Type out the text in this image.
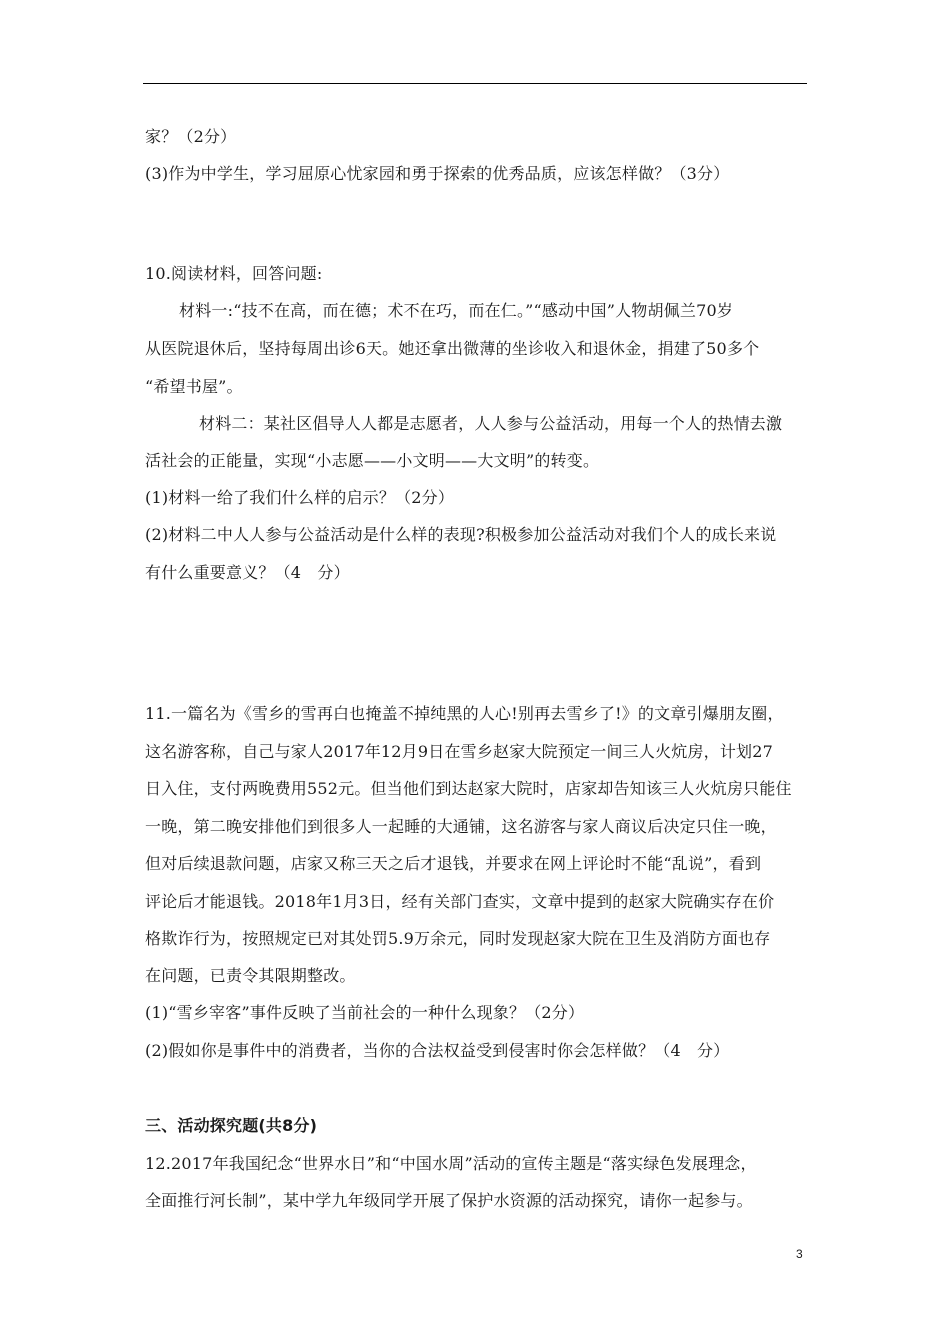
家？（2分）
(3)作为中学生，学习屈原心忧家园和勇于探索的优秀品质，应该怎样做？（3分）
10.阅读材料，回答问题:
材料一:“技不在高，而在德；术不在巧，而在仁。”“感动中国”人物胡佩兰70岁
从医院退休后，坚持每周出诊6天。她还拿出微薄的坐诊收入和退休金，捐建了50多个
“希望书屋”。
材料二：某社区倡导人人都是志愿者，人人参与公益活动，用每一个人的热情去激
活社会的正能量，实现“小志愿——小文明——大文明”的转变。
(1)材料一给了我们什么样的启示？（2分）
(2)材料二中人人参与公益活动是什么样的表现?积极参加公益活动对我们个人的成长来说
有什么重要意义？（4　分）
11.一篇名为《雪乡的雪再白也掩盖不掉纯黑的人心!别再去雪乡了!》的文章引爆朋友圈，
这名游客称，自己与家人2017年12月9日在雪乡赵家大院预定一间三人火炕房，计划27
日入住，支付两晚费用552元。但当他们到达赵家大院时，店家却告知该三人火炕房只能住
一晚，第二晚安排他们到很多人一起睡的大通铺，这名游客与家人商议后决定只住一晚，
但对后续退款问题，店家又称三天之后才退钱，并要求在网上评论时不能“乱说”，看到
评论后才能退钱。2018年1月3日，经有关部门查实，文章中提到的赵家大院确实存在价
格欺诈行为，按照规定已对其处罚5.9万余元，同时发现赵家大院在卫生及消防方面也存
在问题，已责令其限期整改。
(1)“雪乡宰客”事件反映了当前社会的一种什么现象？（2分）
(2)假如你是事件中的消费者，当你的合法权益受到侵害时你会怎样做？（4　分）
三、活动探究题(共8分)
12.2017年我国纪念“世界水日”和“中国水周”活动的宣传主题是“落实绿色发展理念，
全面推行河长制”，某中学九年级同学开展了保护水资源的活动探究，请你一起参与。
3
